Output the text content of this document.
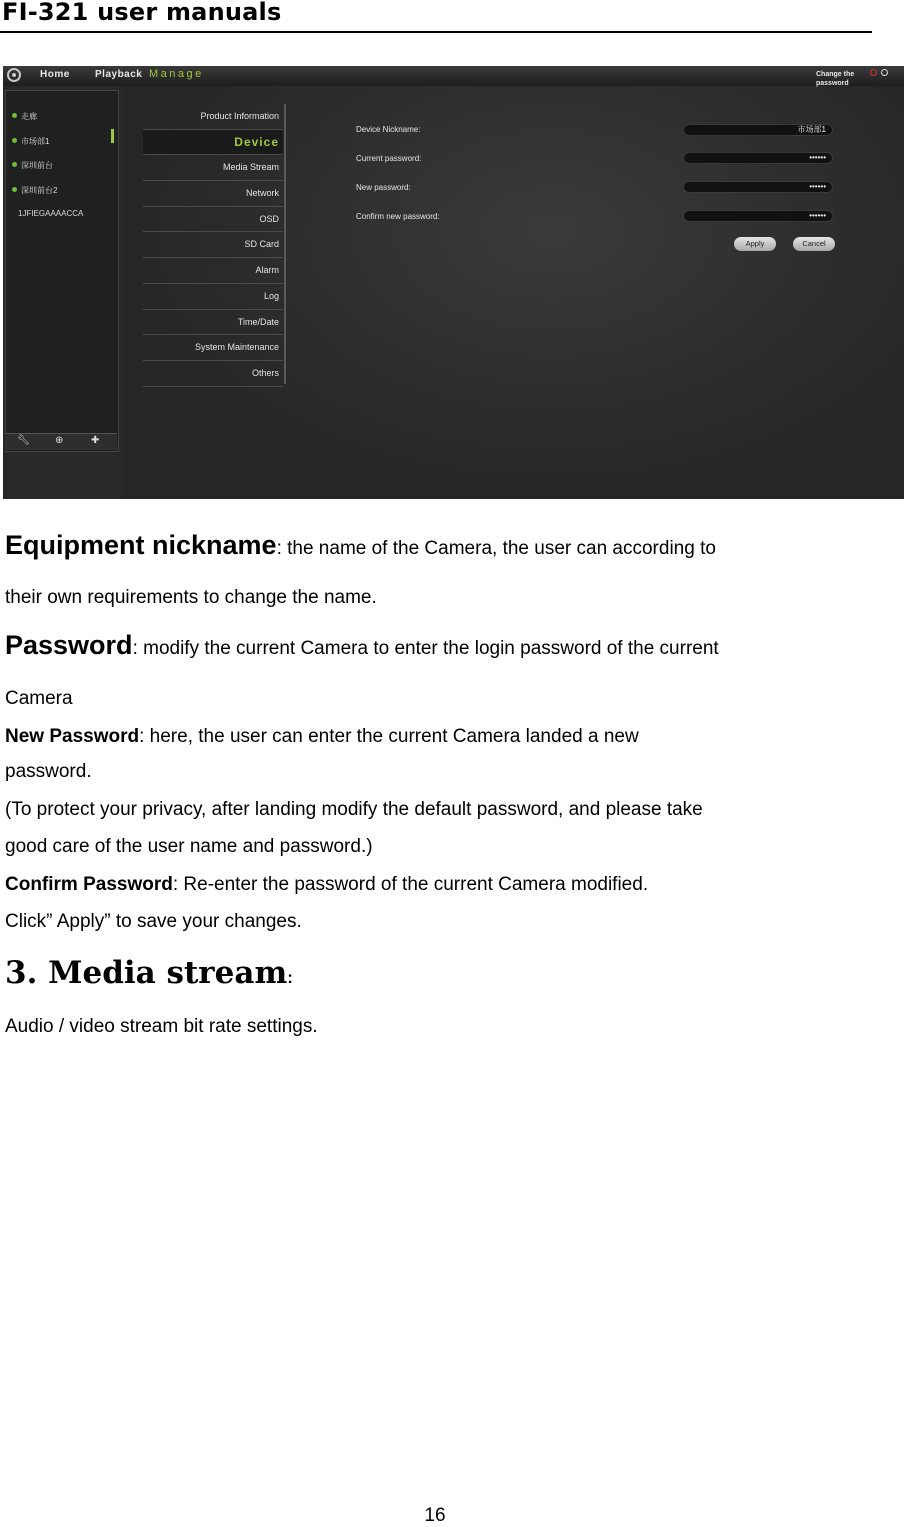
FI-321 user manuals
Home	Playback Manage	Change the password
走廊
市场部1
深圳前台
深圳前台2
1JFIEGAAAACCA
🔧︎	⊕	✚
Product Information
Device
Media Stream
Network
OSD
SD Card
Alarm
Log
Time/Date
System Maintenance
Others
Device Nickname:	市场部1
Current password:	••••••
New password:	••••••
Confirm new password:	••••••
Apply	Cancel
Equipment nickname: the name of the Camera, the user can according to
their own requirements to change the name.
Password: modify the current Camera to enter the login password of the current
Camera
New Password: here, the user can enter the current Camera landed a new
password.
(To protect your privacy, after landing modify the default password, and please take
good care of the user name and password.)
Confirm Password: Re-enter the password of the current Camera modified.
Click” Apply” to save your changes.
3. Media stream:
Audio / video stream bit rate settings.
16
